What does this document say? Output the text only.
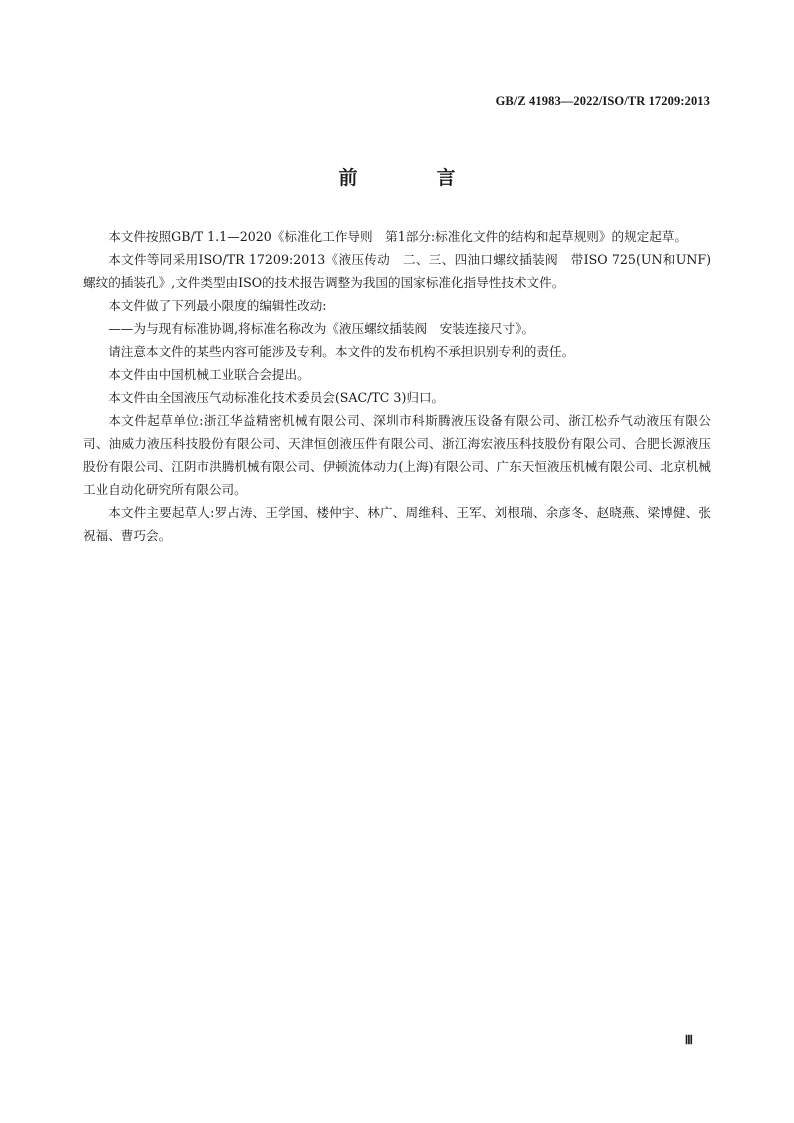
GB/Z 41983—2022/ISO/TR 17209:2013
前　言

本文件按照GB/T 1.1—2020《标准化工作导则　第1部分:标准化文件的结构和起草规则》的规定起草。

本文件等同采用ISO/TR 17209:2013《液压传动　二、三、四油口螺纹插装阀　带ISO 725(UN和UNF)螺纹的插装孔》,文件类型由ISO的技术报告调整为我国的国家标准化指导性技术文件。

本文件做了下列最小限度的编辑性改动:

——为与现有标准协调,将标准名称改为《液压螺纹插装阀　安装连接尺寸》。

请注意本文件的某些内容可能涉及专利。本文件的发布机构不承担识别专利的责任。

本文件由中国机械工业联合会提出。

本文件由全国液压气动标准化技术委员会(SAC/TC 3)归口。

本文件起草单位:浙江华益精密机械有限公司、深圳市科斯腾液压设备有限公司、浙江松乔气动液压有限公司、油威力液压科技股份有限公司、天津恒创液压件有限公司、浙江海宏液压科技股份有限公司、合肥长源液压股份有限公司、江阴市洪腾机械有限公司、伊顿流体动力(上海)有限公司、广东天恒液压机械有限公司、北京机械工业自动化研究所有限公司。

本文件主要起草人:罗占涛、王学国、楼仲宇、林广、周维科、王军、刘根瑞、余彦冬、赵晓燕、梁博健、张祝福、曹巧会。

Ⅲ
